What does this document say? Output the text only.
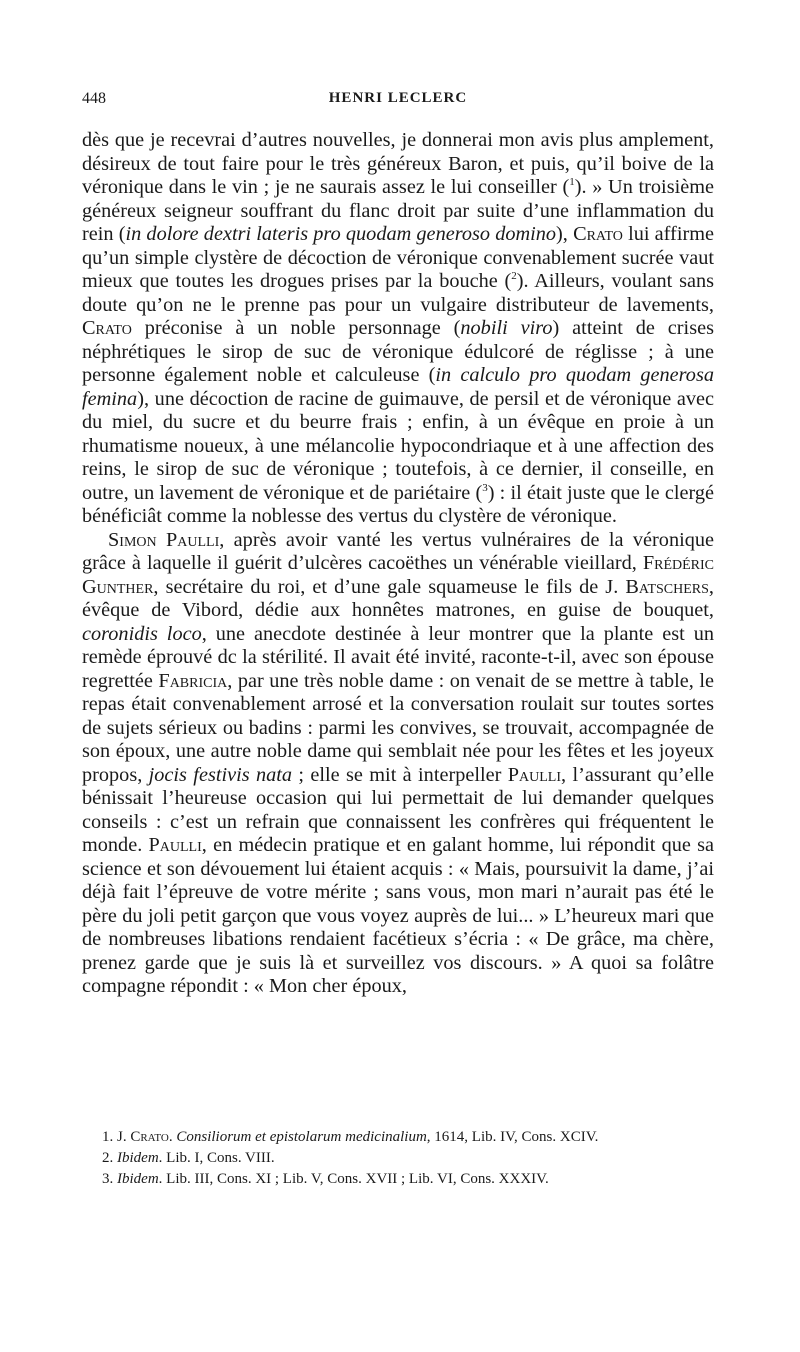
448	HENRI LECLERC

dès que je recevrai d’autres nouvelles, je donnerai mon avis plus amplement, désireux de tout faire pour le très généreux Baron, et puis, qu’il boive de la véronique dans le vin ; je ne saurais assez le lui conseiller ($^1$). » Un troisième généreux seigneur souffrant du flanc droit par suite d’une inflammation du rein (in dolore dextri lateris pro quodam generoso domino), Crato lui affirme qu’un simple clystère de décoction de véronique convenablement sucrée vaut mieux que toutes les drogues prises par la bouche ($^2$). Ailleurs, voulant sans doute qu’on ne le prenne pas pour un vulgaire distributeur de lavements, Crato préconise à un noble personnage (nobili viro) atteint de crises néphrétiques le sirop de suc de véronique édulcoré de réglisse ; à une personne également noble et calculeuse (in calculo pro quodam generosa femina), une décoction de racine de guimauve, de persil et de véronique avec du miel, du sucre et du beurre frais ; enfin, à un évêque en proie à un rhumatisme noueux, à une mélancolie hypocondriaque et à une affection des reins, le sirop de suc de véronique ; toutefois, à ce dernier, il conseille, en outre, un lavement de véronique et de pariétaire ($^3$) : il était juste que le clergé bénéficiât comme la noblesse des vertus du clystère de véronique.

Simon Paulli, après avoir vanté les vertus vulnéraires de la véronique grâce à laquelle il guérit d’ulcères cacoëthes un vénérable vieillard, Frédéric Gunther, secrétaire du roi, et d’une gale squameuse le fils de J. Batschers, évêque de Vibord, dédie aux honnêtes matrones, en guise de bouquet, coronidis loco, une anecdote destinée à leur montrer que la plante est un remède éprouvé dc la stérilité. Il avait été invité, raconte-t-il, avec son épouse regrettée Fabricia, par une très noble dame : on venait de se mettre à table, le repas était convenablement arrosé et la conversation roulait sur toutes sortes de sujets sérieux ou badins : parmi les convives, se trouvait, accompagnée de son époux, une autre noble dame qui semblait née pour les fêtes et les joyeux propos, jocis festivis nata ; elle se mit à interpeller Paulli, l’assurant qu’elle bénissait l’heureuse occasion qui lui permettait de lui demander quelques conseils : c’est un refrain que connaissent les confrères qui fréquentent le monde. Paulli, en médecin pratique et en galant homme, lui répondit que sa science et son dévouement lui étaient acquis : « Mais, poursuivit la dame, j’ai déjà fait l’épreuve de votre mérite ; sans vous, mon mari n’aurait pas été le père du joli petit garçon que vous voyez auprès de lui... » L’heureux mari que de nombreuses libations rendaient facétieux s’écria : « De grâce, ma chère, prenez garde que je suis là et surveillez vos discours. » A quoi sa folâtre compagne répondit : « Mon cher époux,

1. J. Crato. Consiliorum et epistolarum medicinalium, 1614, Lib. IV, Cons. XCIV.
2. Ibidem. Lib. I, Cons. VIII.
3. Ibidem. Lib. III, Cons. XI ; Lib. V, Cons. XVII ; Lib. VI, Cons. XXXIV.
